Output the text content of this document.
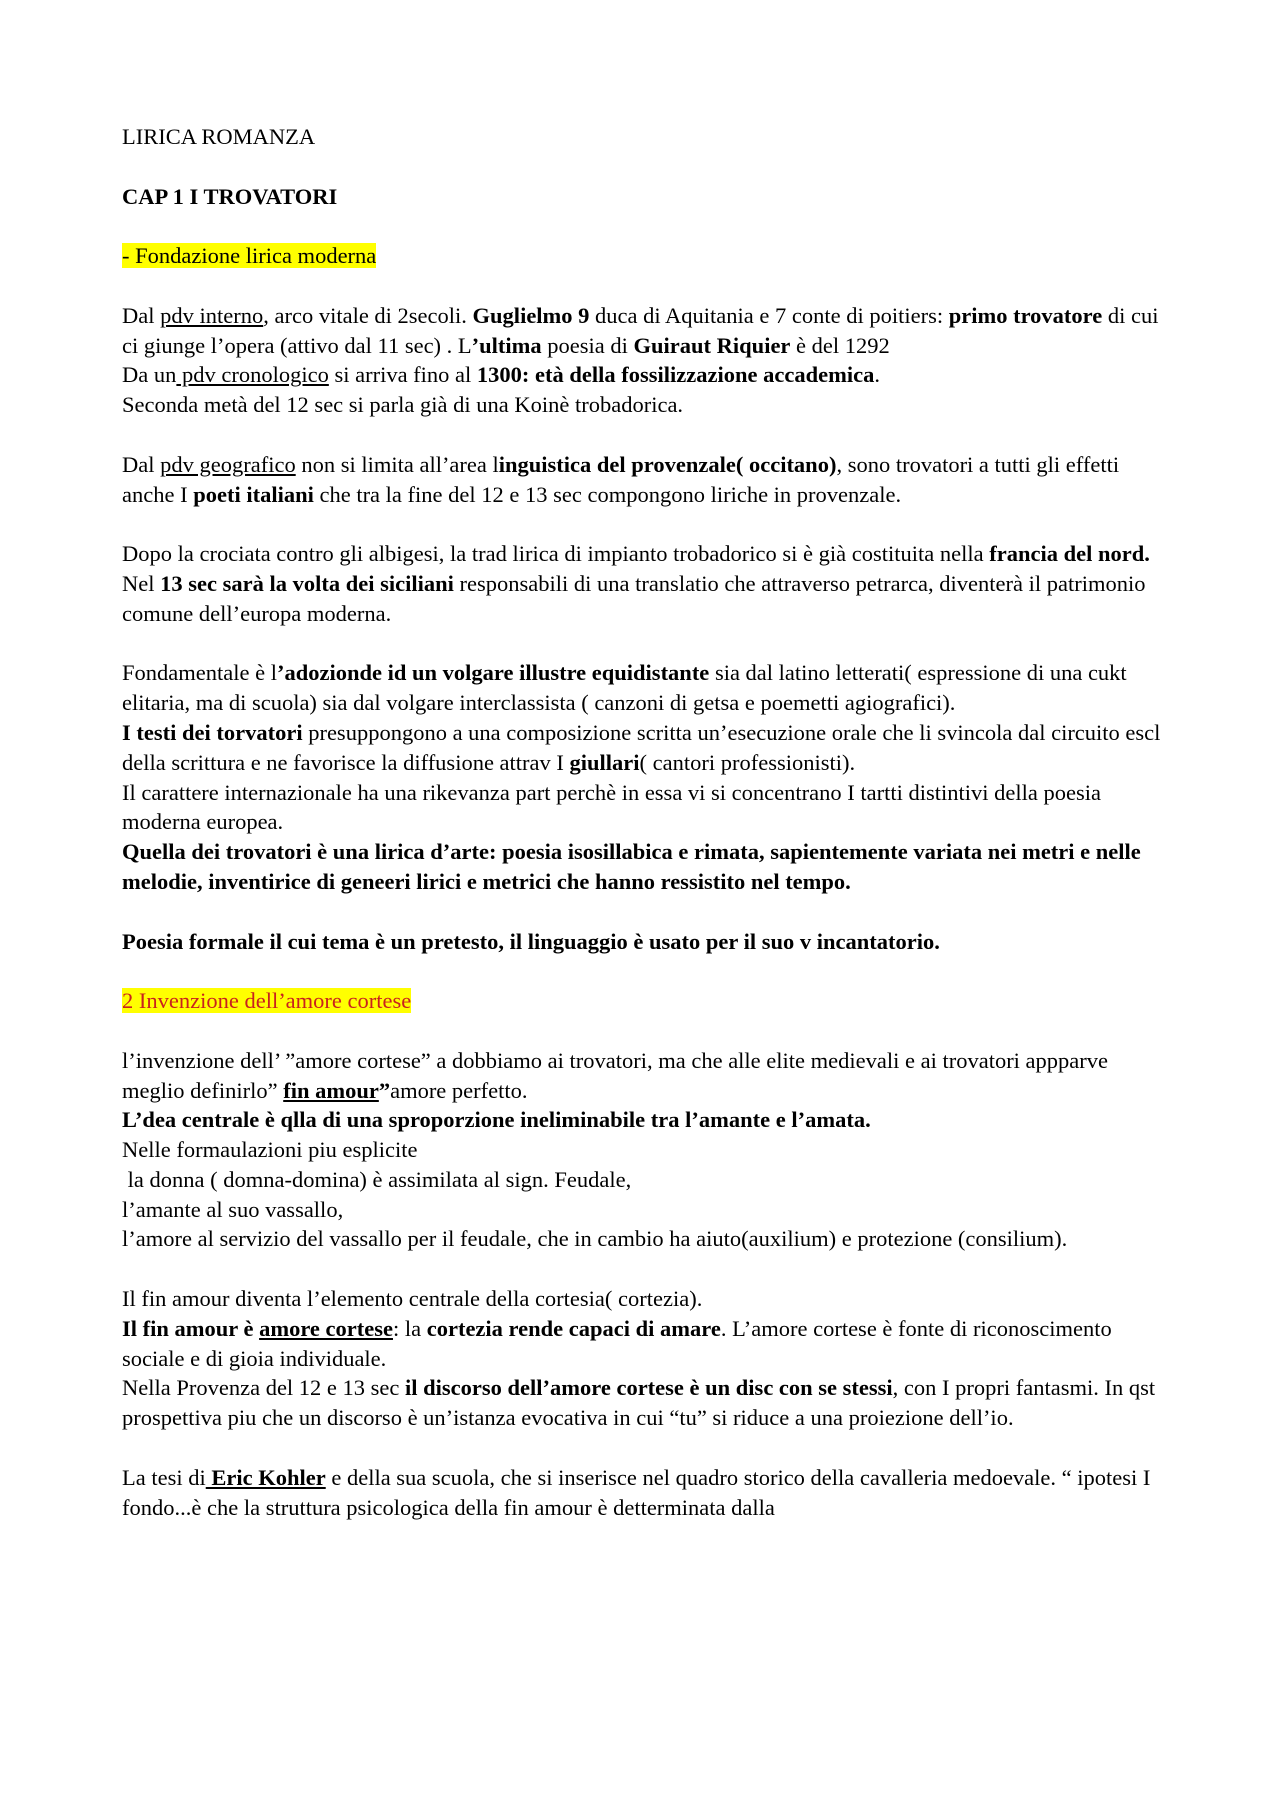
LIRICA ROMANZA

CAP 1 I TROVATORI

- Fondazione lirica moderna

Dal pdv interno, arco vitale di 2secoli. Guglielmo 9 duca di Aquitania e 7 conte di poitiers: primo trovatore di cui ci giunge l’opera (attivo dal 11 sec) . L’ultima poesia di Guiraut Riquier è del 1292

Da un pdv cronologico si arriva fino al 1300: età della fossilizzazione accademica.

Seconda metà del 12 sec si parla già di una Koinè trobadorica.

Dal pdv geografico non si limita all’area linguistica del provenzale( occitano), sono trovatori a tutti gli effetti anche I poeti italiani che tra la fine del 12 e 13 sec compongono liriche in provenzale.

Dopo la crociata contro gli albigesi, la trad lirica di impianto trobadorico si è già costituita nella francia del nord. Nel 13 sec sarà la volta dei siciliani responsabili di una translatio che attraverso petrarca, diventerà il patrimonio comune dell’europa moderna.

Fondamentale è l’adozionde id un volgare illustre equidistante sia dal latino letterati( espressione di una cukt elitaria, ma di scuola) sia dal volgare interclassista ( canzoni di getsa e poemetti agiografici).

I testi dei torvatori presuppongono a una composizione scritta un’esecuzione orale che li svincola dal circuito escl della scrittura e ne favorisce la diffusione attrav I giullari( cantori professionisti).

Il carattere internazionale ha una rikevanza part perchè in essa vi si concentrano I tartti distintivi della poesia moderna europea.

Quella dei trovatori è una lirica d’arte: poesia isosillabica e rimata, sapientemente variata nei metri e nelle melodie, inventirice di geneeri lirici e metrici che hanno ressistito nel tempo.

Poesia formale il cui tema è un pretesto, il linguaggio è usato per il suo v incantatorio.

2 Invenzione dell’amore cortese

l’invenzione dell’ ”amore cortese” a dobbiamo ai trovatori, ma che alle elite medievali e ai trovatori appparve meglio definirlo” fin amour”amore perfetto.

L’dea centrale è qlla di una sproporzione ineliminabile tra l’amante e l’amata.

Nelle formaulazioni piu esplicite

la donna ( domna-domina) è assimilata al sign. Feudale,

l’amante al suo vassallo,

l’amore al servizio del vassallo per il feudale, che in cambio ha aiuto(auxilium) e protezione (consilium).

Il fin amour diventa l’elemento centrale della cortesia( cortezia).

Il fin amour è amore cortese: la cortezia rende capaci di amare. L’amore cortese è fonte di riconoscimento sociale e di gioia individuale.

Nella Provenza del 12 e 13 sec il discorso dell’amore cortese è un disc con se stessi, con I propri fantasmi. In qst prospettiva piu che un discorso è un’istanza evocativa in cui “tu” si riduce a una proiezione dell’io.

La tesi di Eric Kohler e della sua scuola, che si inserisce nel quadro storico della cavalleria medoevale. “ ipotesi I fondo...è che la struttura psicologica della fin amour è detterminata dalla
